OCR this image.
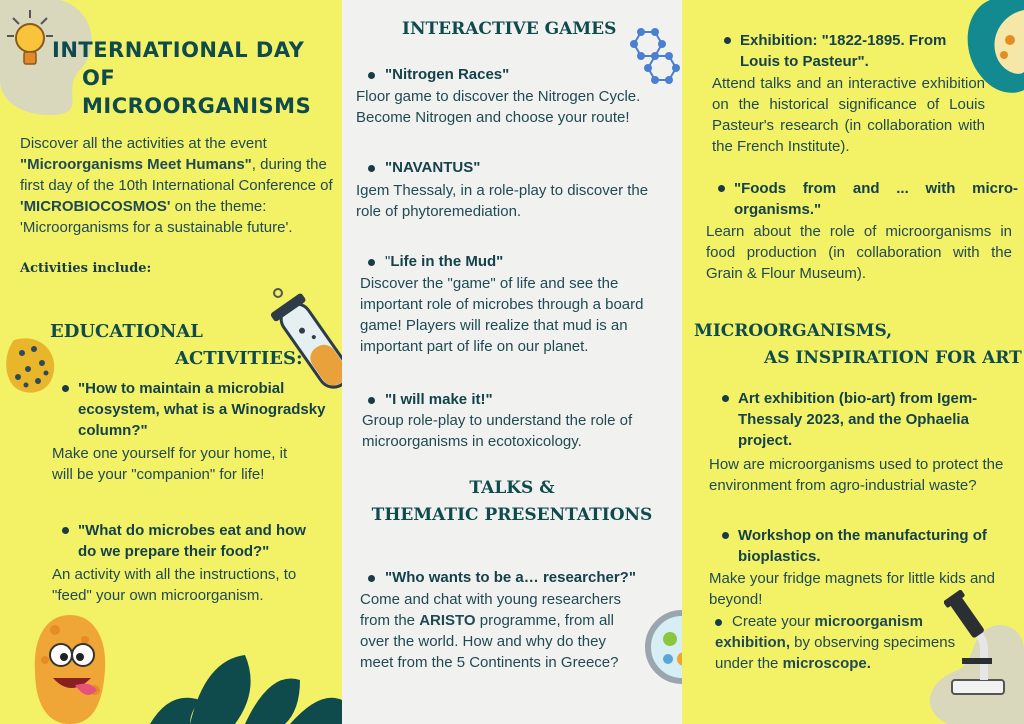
INTERNATIONAL DAY
OF MICROORGANISMS
Discover all the activities at the event "Microorganisms Meet Humans", during the first day of the 10th International Conference of 'MICROBIOCOSMOS' on the theme: 'Microorganisms for a sustainable future'.
Activities include:
EDUCATIONAL
ACTIVITIES:
"How to maintain a microbial ecosystem, what is a Winogradsky column?"
Make one yourself for your home, it will be your "companion" for life!
"What do microbes eat and how do we prepare their food?"
An activity with all the instructions, to "feed" your own microorganism.
INTERACTIVE GAMES
"Nitrogen Races"
Floor game to discover the Nitrogen Cycle. Become Nitrogen and choose your route!
"NAVANTUS"
Igem Thessaly, in a role-play to discover the role of phytoremediation.
"Life in the Mud"
Discover the "game" of life and see the important role of microbes through a board game! Players will realize that mud is an important part of life on our planet.
"I will make it!"
Group role-play to understand the role of microorganisms in ecotoxicology.
TALKS &
THEMATIC PRESENTATIONS
"Who wants to be a… researcher?"
Come and chat with young researchers from the ARISTO programme, from all over the world. How and why do they meet from the 5 Continents in Greece?
Exhibition: "1822-1895. From Louis to Pasteur".
Attend talks and an interactive exhibition on the historical significance of Louis Pasteur's research (in collaboration with the French Institute).
"Foods from and ... with micro-organisms."
Learn about the role of microorganisms in food production (in collaboration with the Grain & Flour Museum).
MICROORGANISMS,
AS INSPIRATION FOR ART
Art exhibition (bio-art) from Igem-Thessaly 2023, and the Ophaelia project.
How are microorganisms used to protect the environment from agro-industrial waste?
Workshop on the manufacturing of bioplastics.
Make your fridge magnets for little kids and beyond!
Create your microorganism exhibition, by observing specimens under the microscope.
